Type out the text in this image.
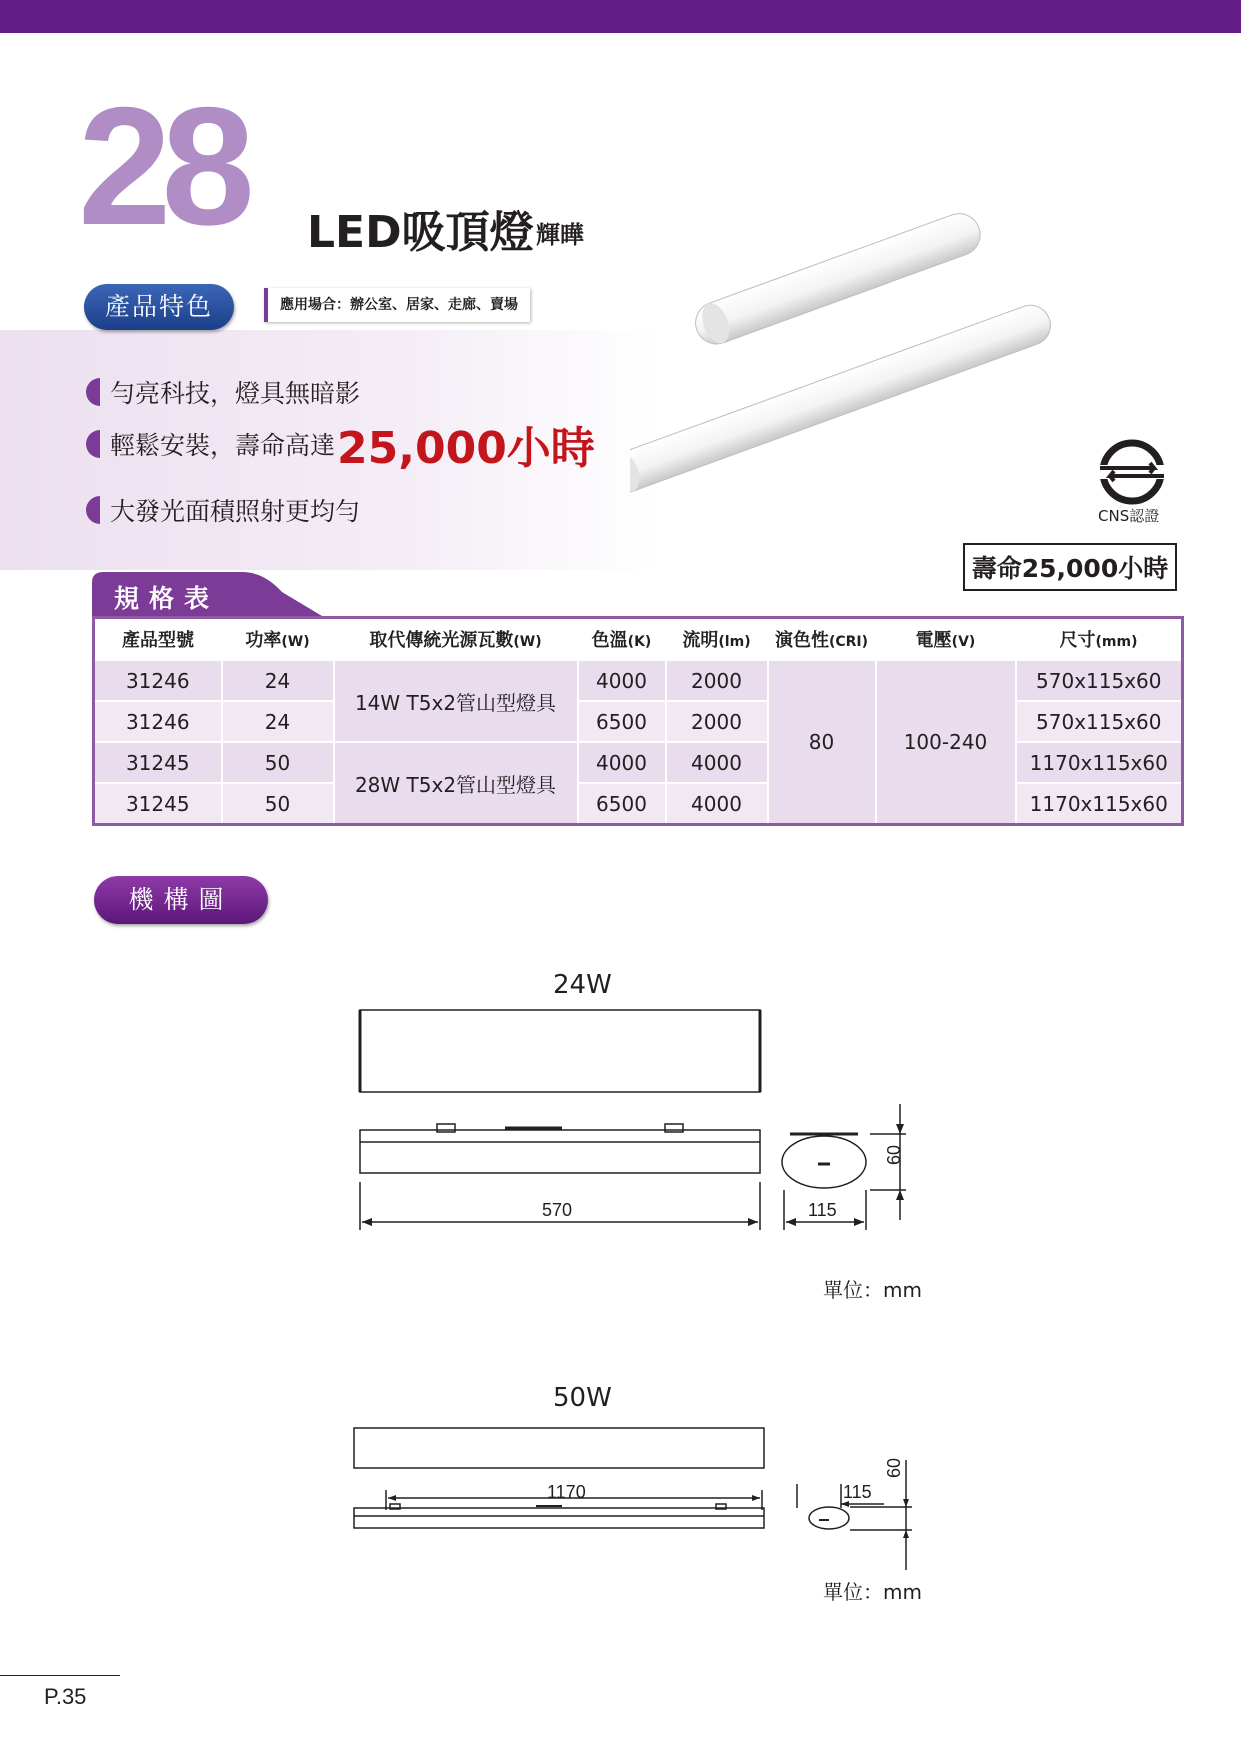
28 LED吸頂燈 輝曄
產品特色	應用場合：辦公室、居家、走廊、賣場
勻亮科技，燈具無暗影
輕鬆安裝，壽命高達 25,000小時
大發光面積照射更均勻	CNS認證
壽命25,000小時
規格表
產品型號	功率(W)	取代傳統光源瓦數(W)	色溫(K)	流明(lm)	演色性(CRI)	電壓(V)	尺寸(mm)
31246	24	14W T5x2管山型燈具	4000	2000	80	100-240	570x115x60
31246	24		6500	2000			570x115x60
31245	50	28W T5x2管山型燈具	4000	4000			1170x115x60
31245	50		6500	4000			1170x115x60
機構圖
24W
570	115
60
單位：mm
50W
1170	115
60
單位：mm
P.35
